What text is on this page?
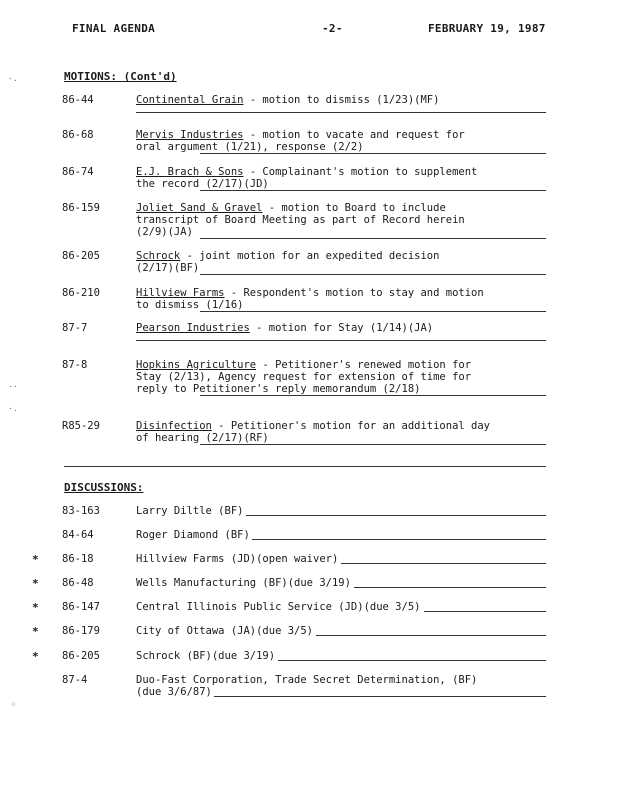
FINAL AGENDA	-2-	FEBRUARY 19, 1987
·.
··
·.
⁘
MOTIONS: (Cont'd)
86-44	Continental Grain - motion to dismiss (1/23)(MF)
86-68	Mervis Industries - motion to vacate and request for
oral argument (1/21), response (2/2)
86-74	E.J. Brach & Sons - Complainant's motion to supplement
the record (2/17)(JD)
86-159	Joliet Sand & Gravel - motion to Board to include
transcript of Board Meeting as part of Record herein
(2/9)(JA)
86-205	Schrock - joint motion for an expedited decision
(2/17)(BF)
86-210	Hillview Farms - Respondent's motion to stay and motion
to dismiss (1/16)
87-7	Pearson Industries - motion for Stay (1/14)(JA)
87-8	Hopkins Agriculture - Petitioner's renewed motion for
Stay (2/13), Agency request for extension of time for
reply to Petitioner's reply memorandum (2/18)
R85-29	Disinfection - Petitioner's motion for an additional day
of hearing (2/17)(RF)
DISCUSSIONS:
83-163	Larry Diltle (BF)
84-64	Roger Diamond (BF)
* 86-18	Hillview Farms (JD)(open waiver)
* 86-48	Wells Manufacturing (BF)(due 3/19)
* 86-147	Central Illinois Public Service (JD)(due 3/5)
* 86-179	City of Ottawa (JA)(due 3/5)
* 86-205	Schrock (BF)(due 3/19)
87-4	Duo-Fast Corporation, Trade Secret Determination, (BF)
(due 3/6/87)
